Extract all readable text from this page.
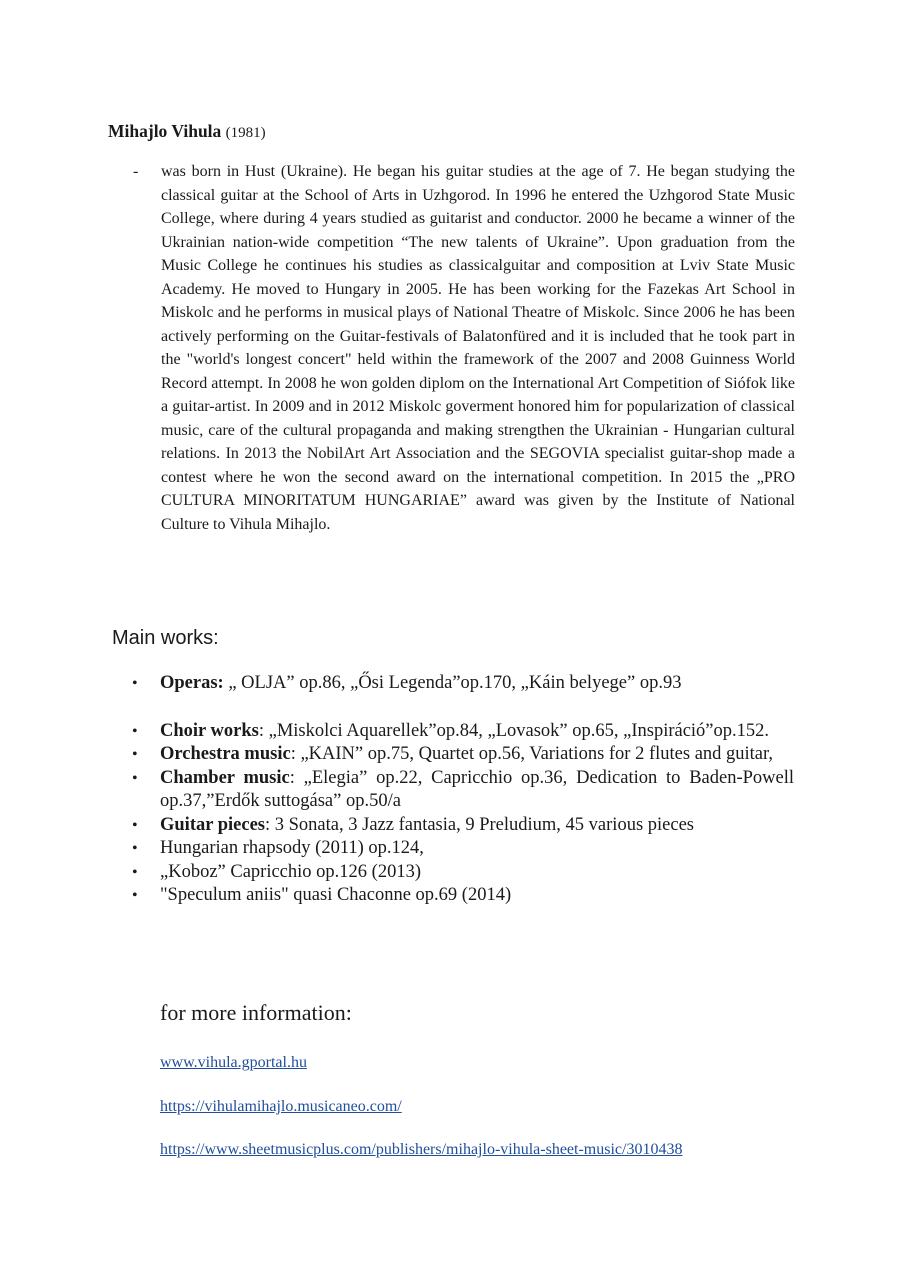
Mihajlo Vihula (1981)

-	was born in Hust (Ukraine). He began his guitar studies at the age of 7. He began studying the classical guitar at the School of Arts in Uzhgorod. In 1996 he entered the Uzhgorod State Music College, where during 4 years studied as guitarist and conductor. 2000 he became a winner of the Ukrainian nation-wide competition “The new talents of Ukraine”. Upon graduation from the Music College he continues his studies as classicalguitar and composition at Lviv State Music Academy. He moved to Hungary in 2005. He has been working for the Fazekas Art School in Miskolc and he performs in musical plays of National Theatre of Miskolc. Since 2006 he has been actively performing on the Guitar-festivals of Balatonfüred and it is included that he took part in the "world's longest concert" held within the framework of the 2007 and 2008 Guinness World Record attempt. In 2008 he won golden diplom on the International Art Competition of Siófok like a guitar-artist. In 2009 and in 2012 Miskolc goverment honored him for popularization of classical music, care of the cultural propaganda and making strengthen the Ukrainian - Hungarian cultural relations. In 2013 the NobilArt Art Association and the SEGOVIA specialist guitar-shop made a contest where he won the second award on the international competition. In 2015 the „PRO CULTURA MINORITATUM HUNGARIAE” award was given by the Institute of National Culture to Vihula Mihajlo.

Main works:
•	Operas: „ OLJA” op.86, „Ősi Legenda”op.170, „Káin belyege” op.93
•	Choir works: „Miskolci Aquarellek”op.84, „Lovasok” op.65, „Inspiráció”op.152.
•	Orchestra music: „KAIN” op.75, Quartet op.56, Variations for 2 flutes and guitar,
•	Chamber music: „Elegia” op.22, Capricchio op.36, Dedication to Baden-Powell op.37,”Erdők suttogása” op.50/a
•	Guitar pieces: 3 Sonata, 3 Jazz fantasia, 9 Preludium, 45 various pieces
•	Hungarian rhapsody (2011) op.124,
•	„Koboz” Capricchio op.126 (2013)
•	"Speculum aniis" quasi Chaconne op.69 (2014)
for more information:
www.vihula.gportal.hu
https://vihulamihajlo.musicaneo.com/
https://www.sheetmusicplus.com/publishers/mihajlo-vihula-sheet-music/3010438
